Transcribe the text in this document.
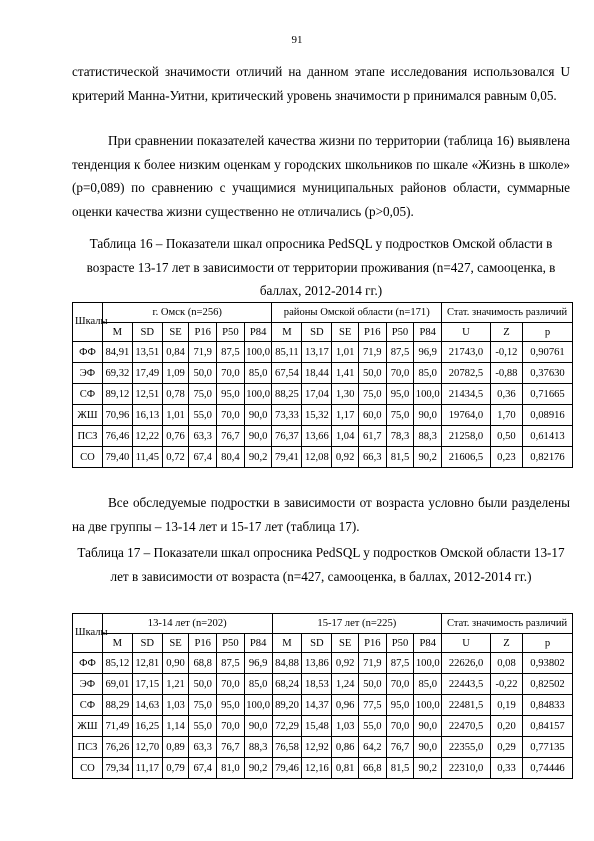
91

статистической значимости отличий на данном этапе исследования использовался U критерий Манна-Уитни, критический уровень значимости p принимался равным 0,05.

При сравнении показателей качества жизни по территории (таблица 16) выявлена тенденция к более низким оценкам у городских школьников по шкале «Жизнь в школе» (p=0,089) по сравнению с учащимися муниципальных районов области, суммарные оценки качества жизни существенно не отличались (p>0,05).

Таблица 16 – Показатели шкал опросника PedSQL у подростков Омской области в возрасте 13-17 лет в зависимости от территории проживания (n=427, самооценка, в баллах, 2012-2014 гг.)

Шкалы	г. Омск (n=256)						районы Омской области (n=171)						Стат. значимость различий		
	M	SD	SE	P16	P50	P84	M	SD	SE	P16	P50	P84	U	Z	p
ФФ	84,91	13,51	0,84	71,9	87,5	100,0	85,11	13,17	1,01	71,9	87,5	96,9	21743,0	-0,12	0,90761
ЭФ	69,32	17,49	1,09	50,0	70,0	85,0	67,54	18,44	1,41	50,0	70,0	85,0	20782,5	-0,88	0,37630
СФ	89,12	12,51	0,78	75,0	95,0	100,0	88,25	17,04	1,30	75,0	95,0	100,0	21434,5	0,36	0,71665
ЖШ	70,96	16,13	1,01	55,0	70,0	90,0	73,33	15,32	1,17	60,0	75,0	90,0	19764,0	1,70	0,08916
ПСЗ	76,46	12,22	0,76	63,3	76,7	90,0	76,37	13,66	1,04	61,7	78,3	88,3	21258,0	0,50	0,61413
СО	79,40	11,45	0,72	67,4	80,4	90,2	79,41	12,08	0,92	66,3	81,5	90,2	21606,5	0,23	0,82176

Все обследуемые подростки в зависимости от возраста условно были разделены на две группы – 13-14 лет и 15-17 лет (таблица 17).

Таблица 17 – Показатели шкал опросника PedSQL у подростков Омской области 13-17 лет в зависимости от возраста (n=427, самооценка, в баллах, 2012-2014 гг.)

Шкалы	13-14 лет (n=202)						15-17 лет (n=225)						Стат. значимость различий		
	M	SD	SE	P16	P50	P84	M	SD	SE	P16	P50	P84	U	Z	p
ФФ	85,12	12,81	0,90	68,8	87,5	96,9	84,88	13,86	0,92	71,9	87,5	100,0	22626,0	0,08	0,93802
ЭФ	69,01	17,15	1,21	50,0	70,0	85,0	68,24	18,53	1,24	50,0	70,0	85,0	22443,5	-0,22	0,82502
СФ	88,29	14,63	1,03	75,0	95,0	100,0	89,20	14,37	0,96	77,5	95,0	100,0	22481,5	0,19	0,84833
ЖШ	71,49	16,25	1,14	55,0	70,0	90,0	72,29	15,48	1,03	55,0	70,0	90,0	22470,5	0,20	0,84157
ПСЗ	76,26	12,70	0,89	63,3	76,7	88,3	76,58	12,92	0,86	64,2	76,7	90,0	22355,0	0,29	0,77135
СО	79,34	11,17	0,79	67,4	81,0	90,2	79,46	12,16	0,81	66,8	81,5	90,2	22310,0	0,33	0,74446
